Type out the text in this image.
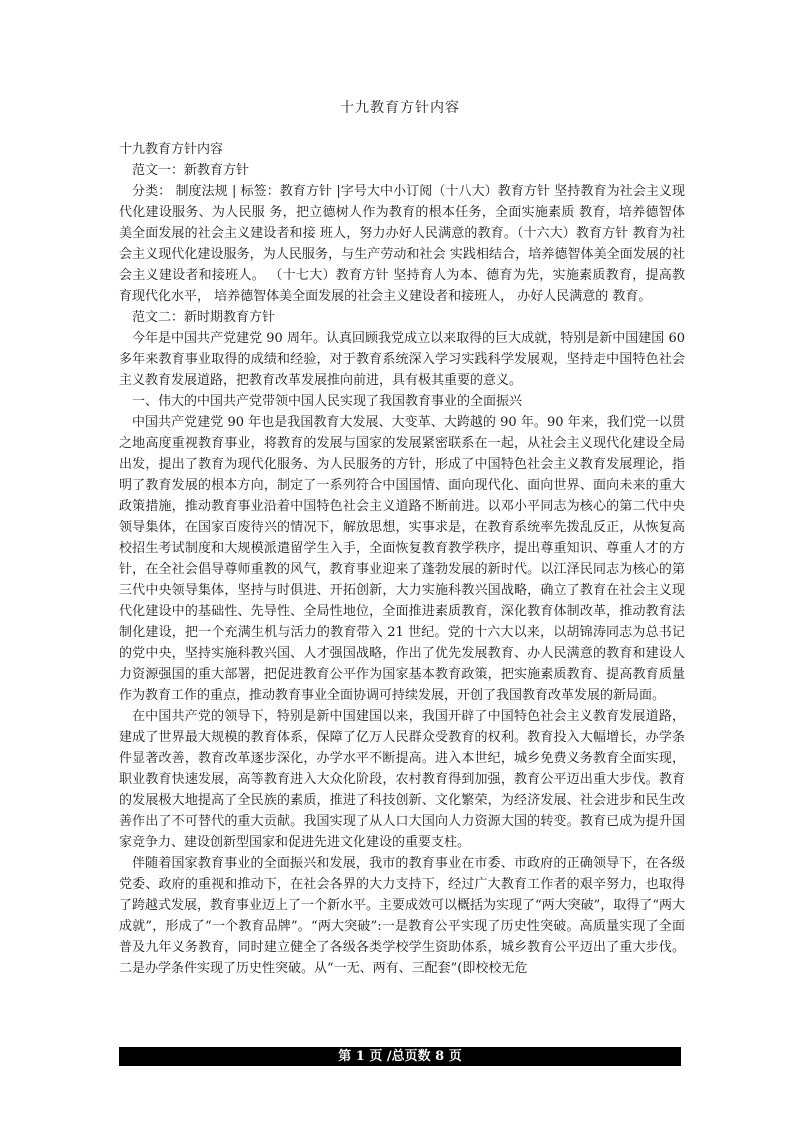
十九教育方针内容

十九教育方针内容

范文一：新教育方针

分类： 制度法规 | 标签：教育方针 |字号大中小订阅（十八大）教育方针 坚持教育为社会主义现代化建设服务、为人民服 务，把立德树人作为教育的根本任务，全面实施素质 教育，培养德智体美全面发展的社会主义建设者和接 班人，努力办好人民满意的教育。（十六大）教育方针 教育为社会主义现代化建设服务，为人民服务，与生产劳动和社会 实践相结合，培养德智体美全面发展的社会主义建设者和接班人。 （十七大）教育方针 坚持育人为本、德育为先，实施素质教育，提高教育现代化水平， 培养德智体美全面发展的社会主义建设者和接班人， 办好人民满意的 教育。

范文二：新时期教育方针

今年是中国共产党建党 90 周年。认真回顾我党成立以来取得的巨大成就，特别是新中国建国 60 多年来教育事业取得的成绩和经验，对于教育系统深入学习实践科学发展观，坚持走中国特色社会主义教育发展道路，把教育改革发展推向前进，具有极其重要的意义。

一、伟大的中国共产党带领中国人民实现了我国教育事业的全面振兴

中国共产党建党 90 年也是我国教育大发展、大变革、大跨越的 90 年。90 年来，我们党一以贯之地高度重视教育事业，将教育的发展与国家的发展紧密联系在一起，从社会主义现代化建设全局出发，提出了教育为现代化服务、为人民服务的方针，形成了中国特色社会主义教育发展理论，指明了教育发展的根本方向，制定了一系列符合中国国情、面向现代化、面向世界、面向未来的重大政策措施，推动教育事业沿着中国特色社会主义道路不断前进。以邓小平同志为核心的第二代中央领导集体，在国家百废待兴的情况下，解放思想，实事求是，在教育系统率先拨乱反正，从恢复高校招生考试制度和大规模派遣留学生入手，全面恢复教育教学秩序，提出尊重知识、尊重人才的方针，在全社会倡导尊师重教的风气，教育事业迎来了蓬勃发展的新时代。以江泽民同志为核心的第三代中央领导集体，坚持与时俱进、开拓创新，大力实施科教兴国战略，确立了教育在社会主义现代化建设中的基础性、先导性、全局性地位，全面推进素质教育，深化教育体制改革，推动教育法制化建设，把一个充满生机与活力的教育带入 21 世纪。党的十六大以来，以胡锦涛同志为总书记的党中央，坚持实施科教兴国、人才强国战略，作出了优先发展教育、办人民满意的教育和建设人力资源强国的重大部署，把促进教育公平作为国家基本教育政策，把实施素质教育、提高教育质量作为教育工作的重点，推动教育事业全面协调可持续发展，开创了我国教育改革发展的新局面。

在中国共产党的领导下，特别是新中国建国以来，我国开辟了中国特色社会主义教育发展道路，建成了世界最大规模的教育体系，保障了亿万人民群众受教育的权利。教育投入大幅增长，办学条件显著改善，教育改革逐步深化，办学水平不断提高。进入本世纪，城乡免费义务教育全面实现，职业教育快速发展，高等教育进入大众化阶段，农村教育得到加强，教育公平迈出重大步伐。教育的发展极大地提高了全民族的素质，推进了科技创新、文化繁荣，为经济发展、社会进步和民生改善作出了不可替代的重大贡献。我国实现了从人口大国向人力资源大国的转变。教育已成为提升国家竞争力、建设创新型国家和促进先进文化建设的重要支柱。

伴随着国家教育事业的全面振兴和发展，我市的教育事业在市委、市政府的正确领导下，在各级党委、政府的重视和推动下，在社会各界的大力支持下，经过广大教育工作者的艰辛努力，也取得了跨越式发展，教育事业迈上了一个新水平。主要成效可以概括为实现了“两大突破”，取得了“两大成就”，形成了“一个教育品牌”。“两大突破”:一是教育公平实现了历史性突破。高质量实现了全面普及九年义务教育，同时建立健全了各级各类学校学生资助体系，城乡教育公平迈出了重大步伐。二是办学条件实现了历史性突破。从“一无、两有、三配套”(即校校无危

第 1 页 /总页数 8 页
